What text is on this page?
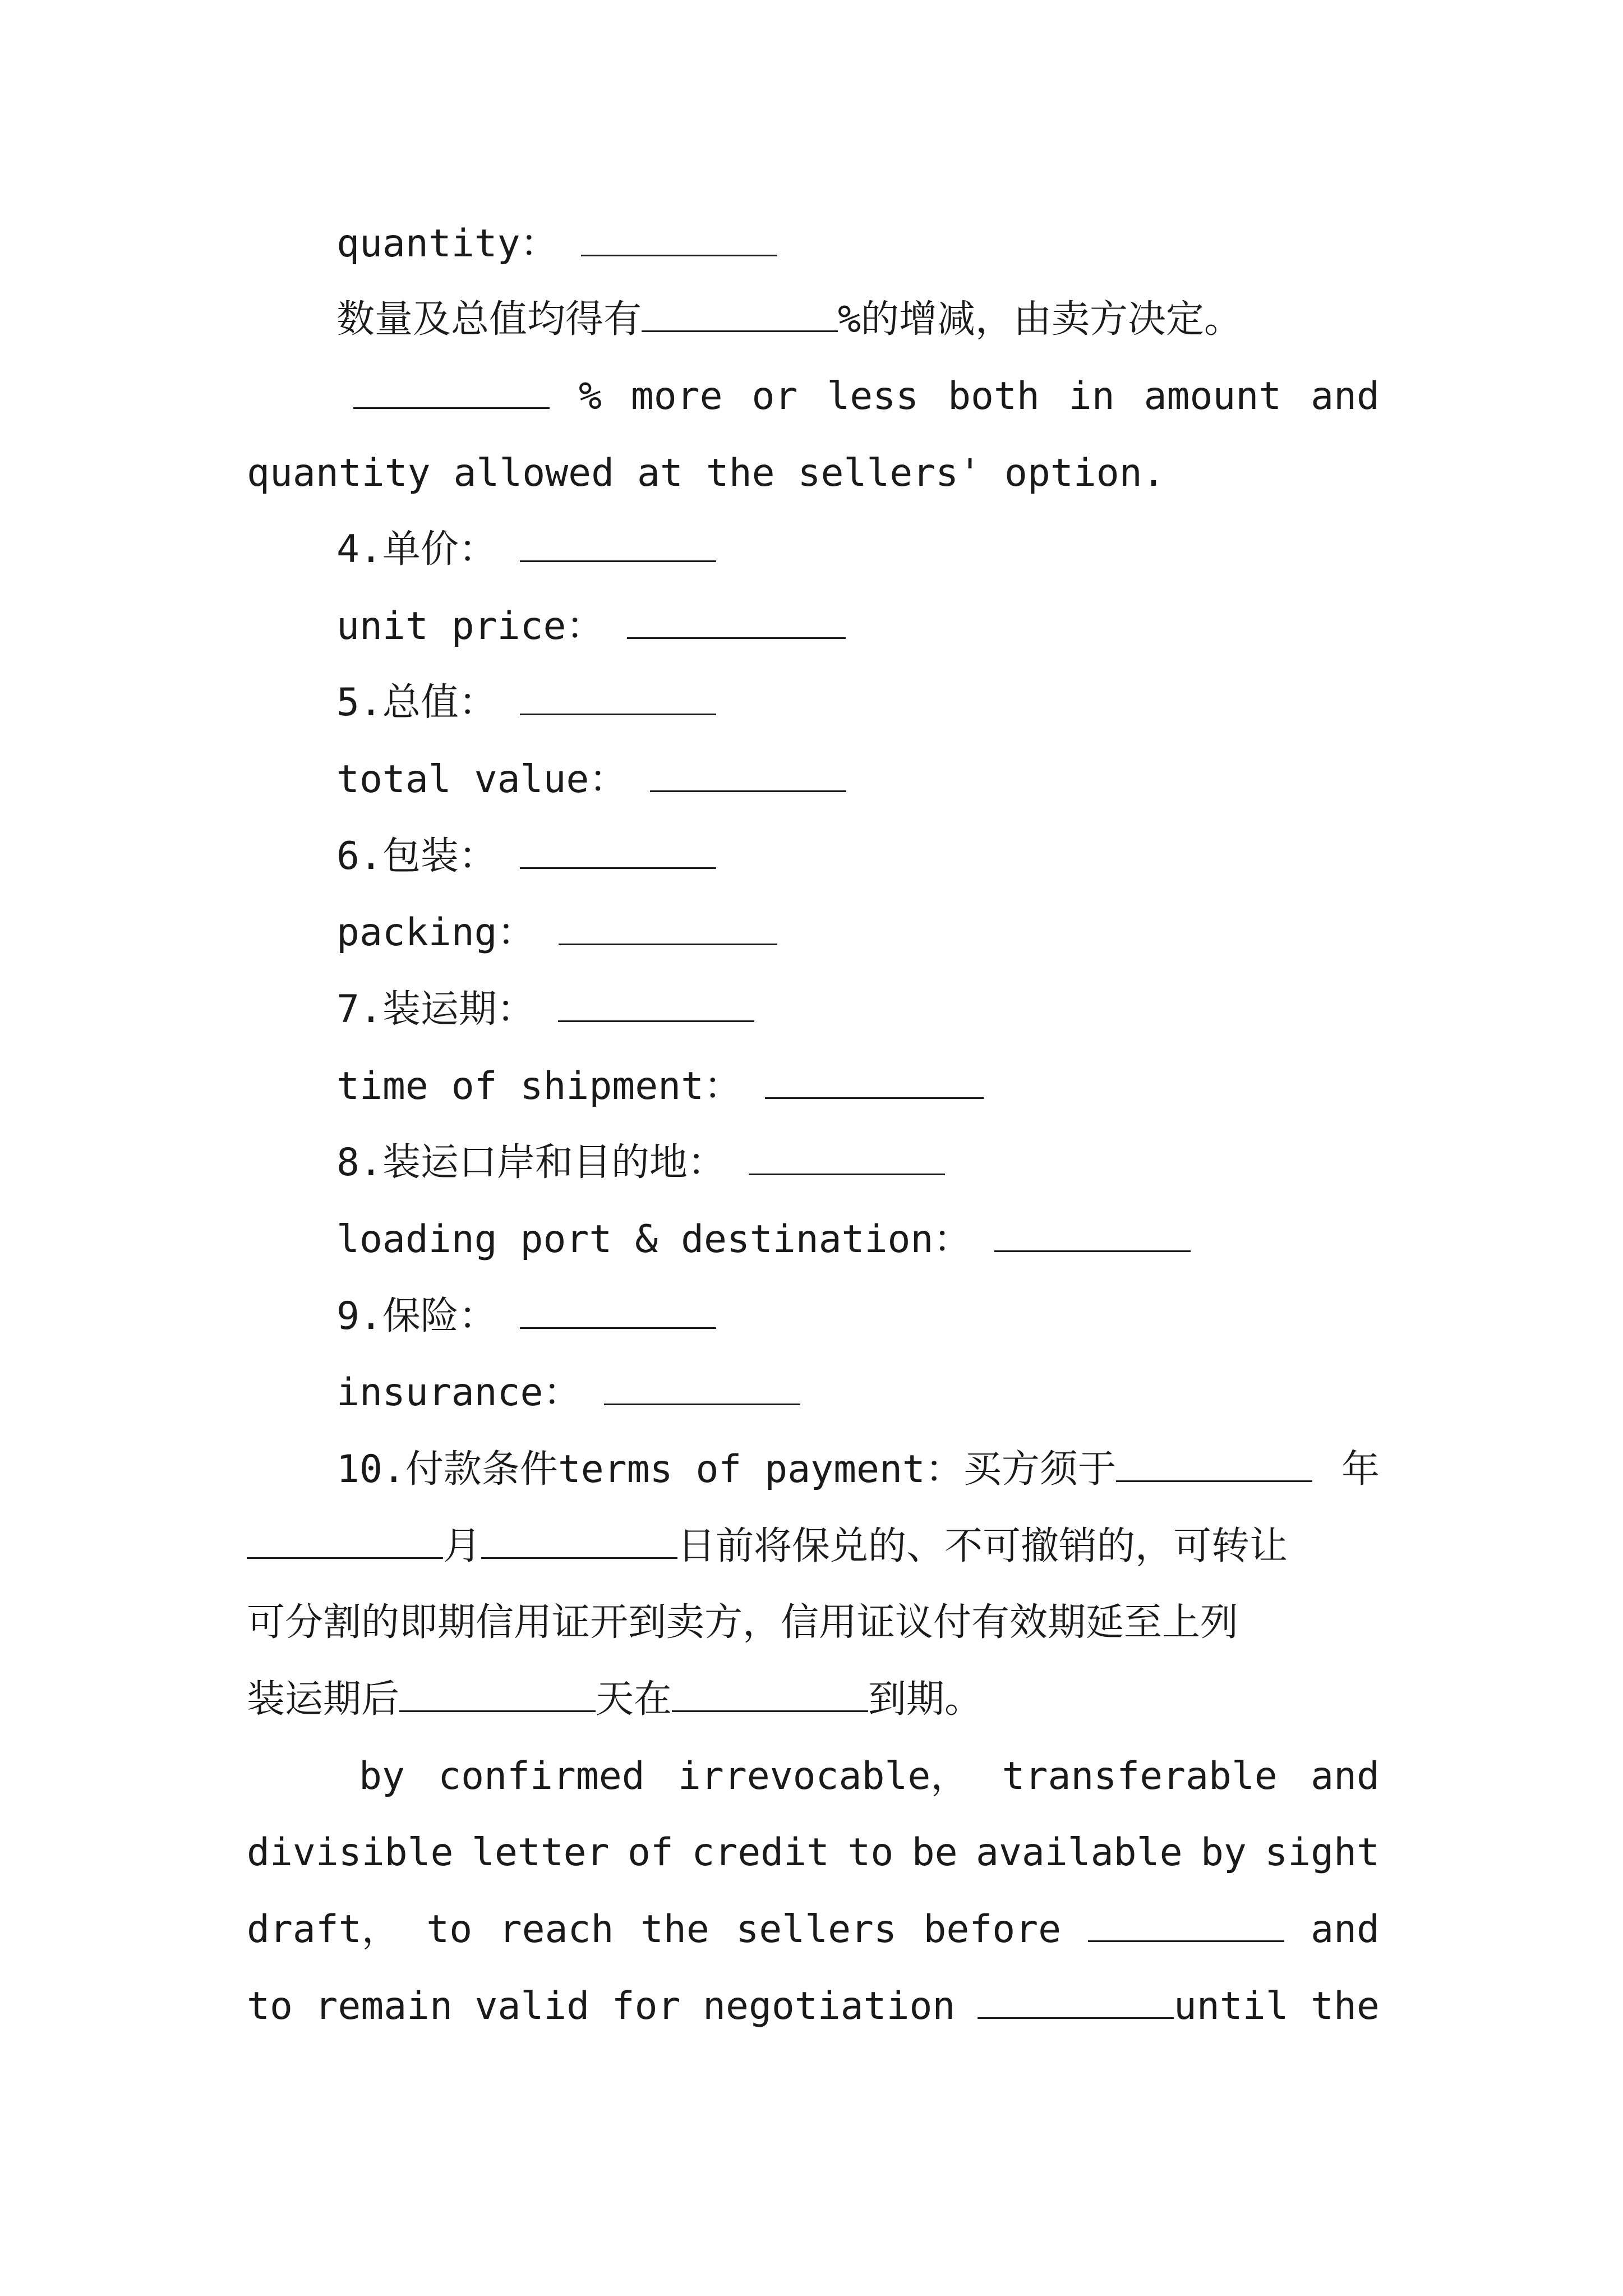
quantity：
数量及总值均得有	%的增减，由卖方决定。
% more or less both in amount and
quantity allowed at the sellers' option.
4.单价：
unit price：
5.总值：
total value：
6.包装：
packing：
7.装运期：
time of shipment：
8.装运口岸和目的地：
loading port & destination：
9.保险：
insurance：
10.付款条件terms of payment：买方须于	年
月	日前将保兑的、不可撤销的，可转让
可分割的即期信用证开到卖方，信用证议付有效期延至上列
装运期后	天在	到期。
by confirmed irrevocable， transferable and
divisible letter of credit to be available by sight
draft， to reach the sellers before	and
to remain valid for negotiation	until the
